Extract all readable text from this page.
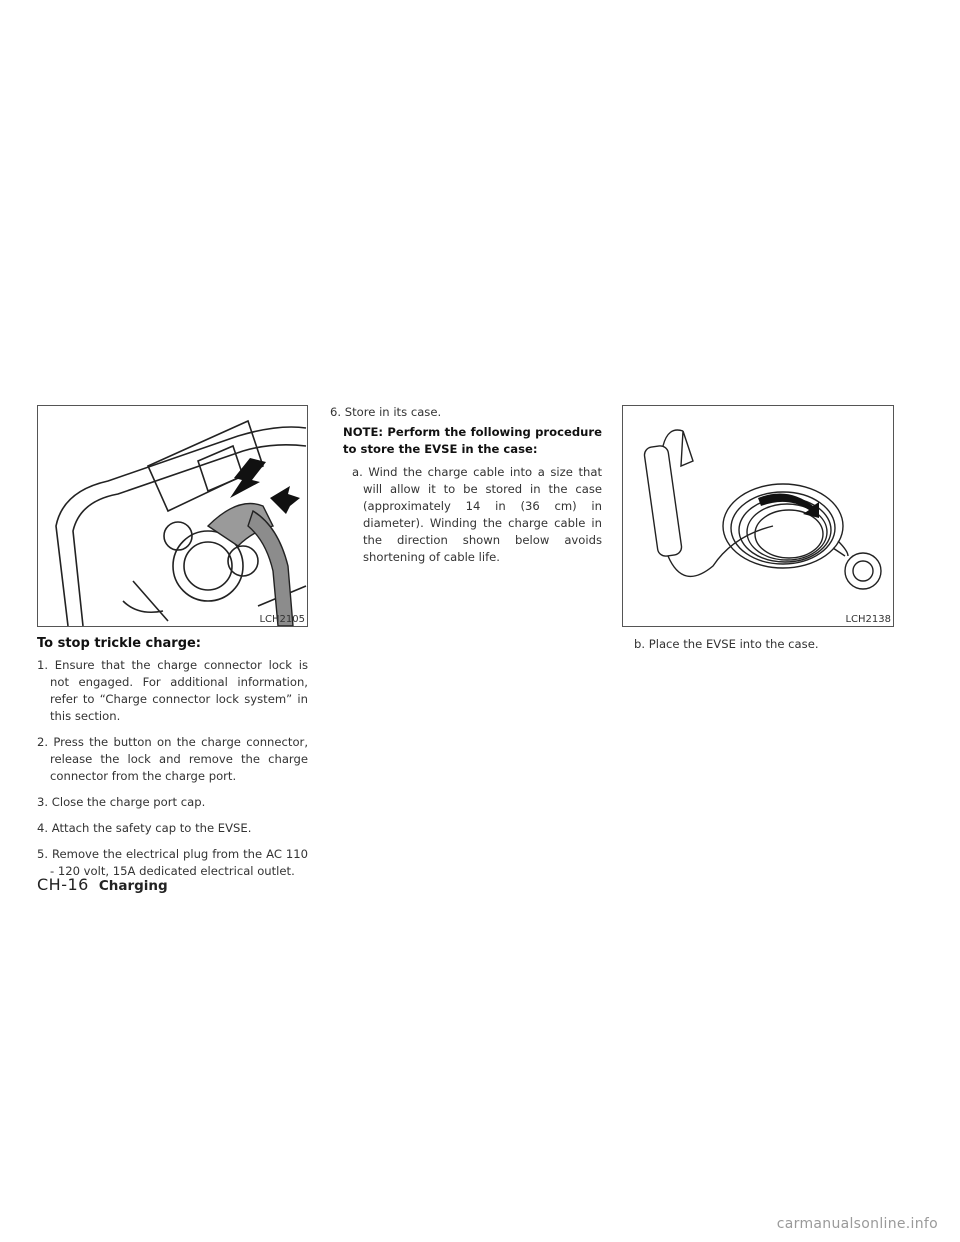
LCH2105	LCH2138
To stop trickle charge:

1. Ensure that the charge connector lock is not engaged. For additional information, refer to “Charge connector lock system” in this section.

2. Press the button on the charge connector, release the lock and remove the charge connector from the charge port.

3. Close the charge port cap.

4. Attach the safety cap to the EVSE.

5. Remove the electrical plug from the AC 110 - 120 volt, 15A dedicated electrical outlet.

6. Store in its case.

NOTE: Perform the following procedure to store the EVSE in the case:

a. Wind the charge cable into a size that will allow it to be stored in the case (approximately 14 in (36 cm) in diameter). Winding the charge cable in the direction shown below avoids shortening of cable life.

b. Place the EVSE into the case.

CH-16 Charging
carmanualsonline.info
